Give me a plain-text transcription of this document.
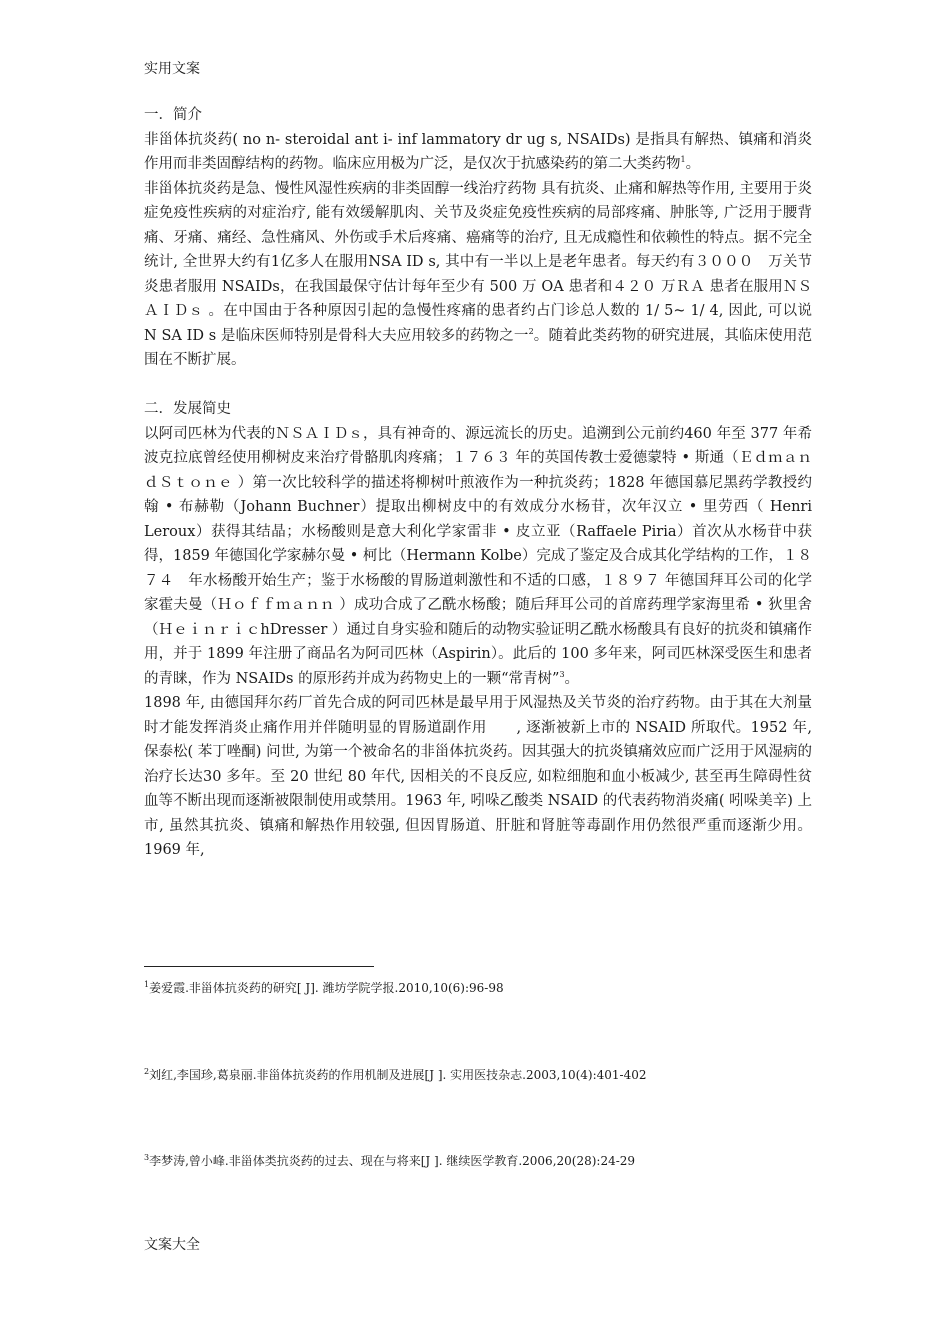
实用文案
一．简介

非甾体抗炎药( no n- steroidal ant i- inf lammatory dr ug s, NSAIDs) 是指具有解热、镇痛和消炎作用而非类固醇结构的药物。临床应用极为广泛，是仅次于抗感染药的第二大类药物$^1$。

非甾体抗炎药是急、慢性风湿性疾病的非类固醇一线治疗药物 具有抗炎、止痛和解热等作用, 主要用于炎症免疫性疾病的对症治疗, 能有效缓解肌肉、关节及炎症免疫性疾病的局部疼痛、肿胀等, 广泛用于腰背痛、牙痛、痛经、急性痛风、外伤或手术后疼痛、癌痛等的治疗, 且无成瘾性和依赖性的特点。据不完全统计, 全世界大约有1亿多人在服用NSA ID s, 其中有一半以上是老年患者。每天约有３０００　万关节炎患者服用 NSAIDs，在我国最保守估计每年至少有 500 万 OA 患者和４２０ 万ＲＡ 患者在服用ＮＳＡＩＤｓ 。在中国由于各种原因引起的急慢性疼痛的患者约占门诊总人数的 1/ 5~ 1/ 4, 因此, 可以说 N SA ID s 是临床医师特别是骨科大夫应用较多的药物之一$^2$。随着此类药物的研究进展，其临床使用范围在不断扩展。

二．发展简史

以阿司匹林为代表的ＮＳＡＩＤｓ，具有神奇的、源远流长的历史。追溯到公元前约460 年至 377 年希波克拉底曾经使用柳树皮来治疗骨骼肌肉疼痛；１７６３ 年的英国传教士爱德蒙特 • 斯通（ＥｄｍａｎｄＳｔｏｎｅ ）第一次比较科学的描述将柳树叶煎液作为一种抗炎药；1828 年德国慕尼黑药学教授约翰 • 布赫勒（Johann Buchner）提取出柳树皮中的有效成分水杨苷，次年汉立 • 里劳西（ Henri Leroux）获得其结晶；水杨酸则是意大利化学家雷非 • 皮立亚（Raffaele Piria）首次从水杨苷中获得，1859 年德国化学家赫尔曼 • 柯比（Hermann Kolbe）完成了鉴定及合成其化学结构的工作，１８７４　年水杨酸开始生产；鉴于水杨酸的胃肠道刺激性和不适的口感，１８９７ 年德国拜耳公司的化学家霍夫曼（Ｈｏｆｆｍａｎｎ ）成功合成了乙酰水杨酸；随后拜耳公司的首席药理学家海里希 • 狄里舍（ＨｅｉｎｒｉｃhDresser ）通过自身实验和随后的动物实验证明乙酰水杨酸具有良好的抗炎和镇痛作用，并于 1899 年注册了商品名为阿司匹林（Aspirin）。此后的 100 多年来，阿司匹林深受医生和患者的青睐，作为 NSAIDs 的原形药并成为药物史上的一颗“常青树”$^3$。

1898 年, 由德国拜尔药厂首先合成的阿司匹林是最早用于风湿热及关节炎的治疗药物。由于其在大剂量时才能发挥消炎止痛作用并伴随明显的胃肠道副作用　　, 逐渐被新上市的 NSAID 所取代。1952 年, 保泰松( 苯丁唑酮) 问世, 为第一个被命名的非甾体抗炎药。因其强大的抗炎镇痛效应而广泛用于风湿病的治疗长达30 多年。至 20 世纪 80 年代, 因相关的不良反应, 如粒细胞和血小板减少, 甚至再生障碍性贫血等不断出现而逐渐被限制使用或禁用。1963 年, 吲哚乙酸类 NSAID 的代表药物消炎痛( 吲哚美辛) 上市, 虽然其抗炎、镇痛和解热作用较强, 但因胃肠道、肝脏和肾脏等毒副作用仍然很严重而逐渐少用。1969 年,

$^1$姜爱霞.非甾体抗炎药的研究[ J]. 潍坊学院学报.2010,10(6):96-98
$^2$刘红,李国珍,葛泉丽.非甾体抗炎药的作用机制及进展[J ]. 实用医技杂志.2003,10(4):401-402
$^3$李梦涛,曾小峰.非甾体类抗炎药的过去、现在与将来[J ]. 继续医学教育.2006,20(28):24-29
文案大全
